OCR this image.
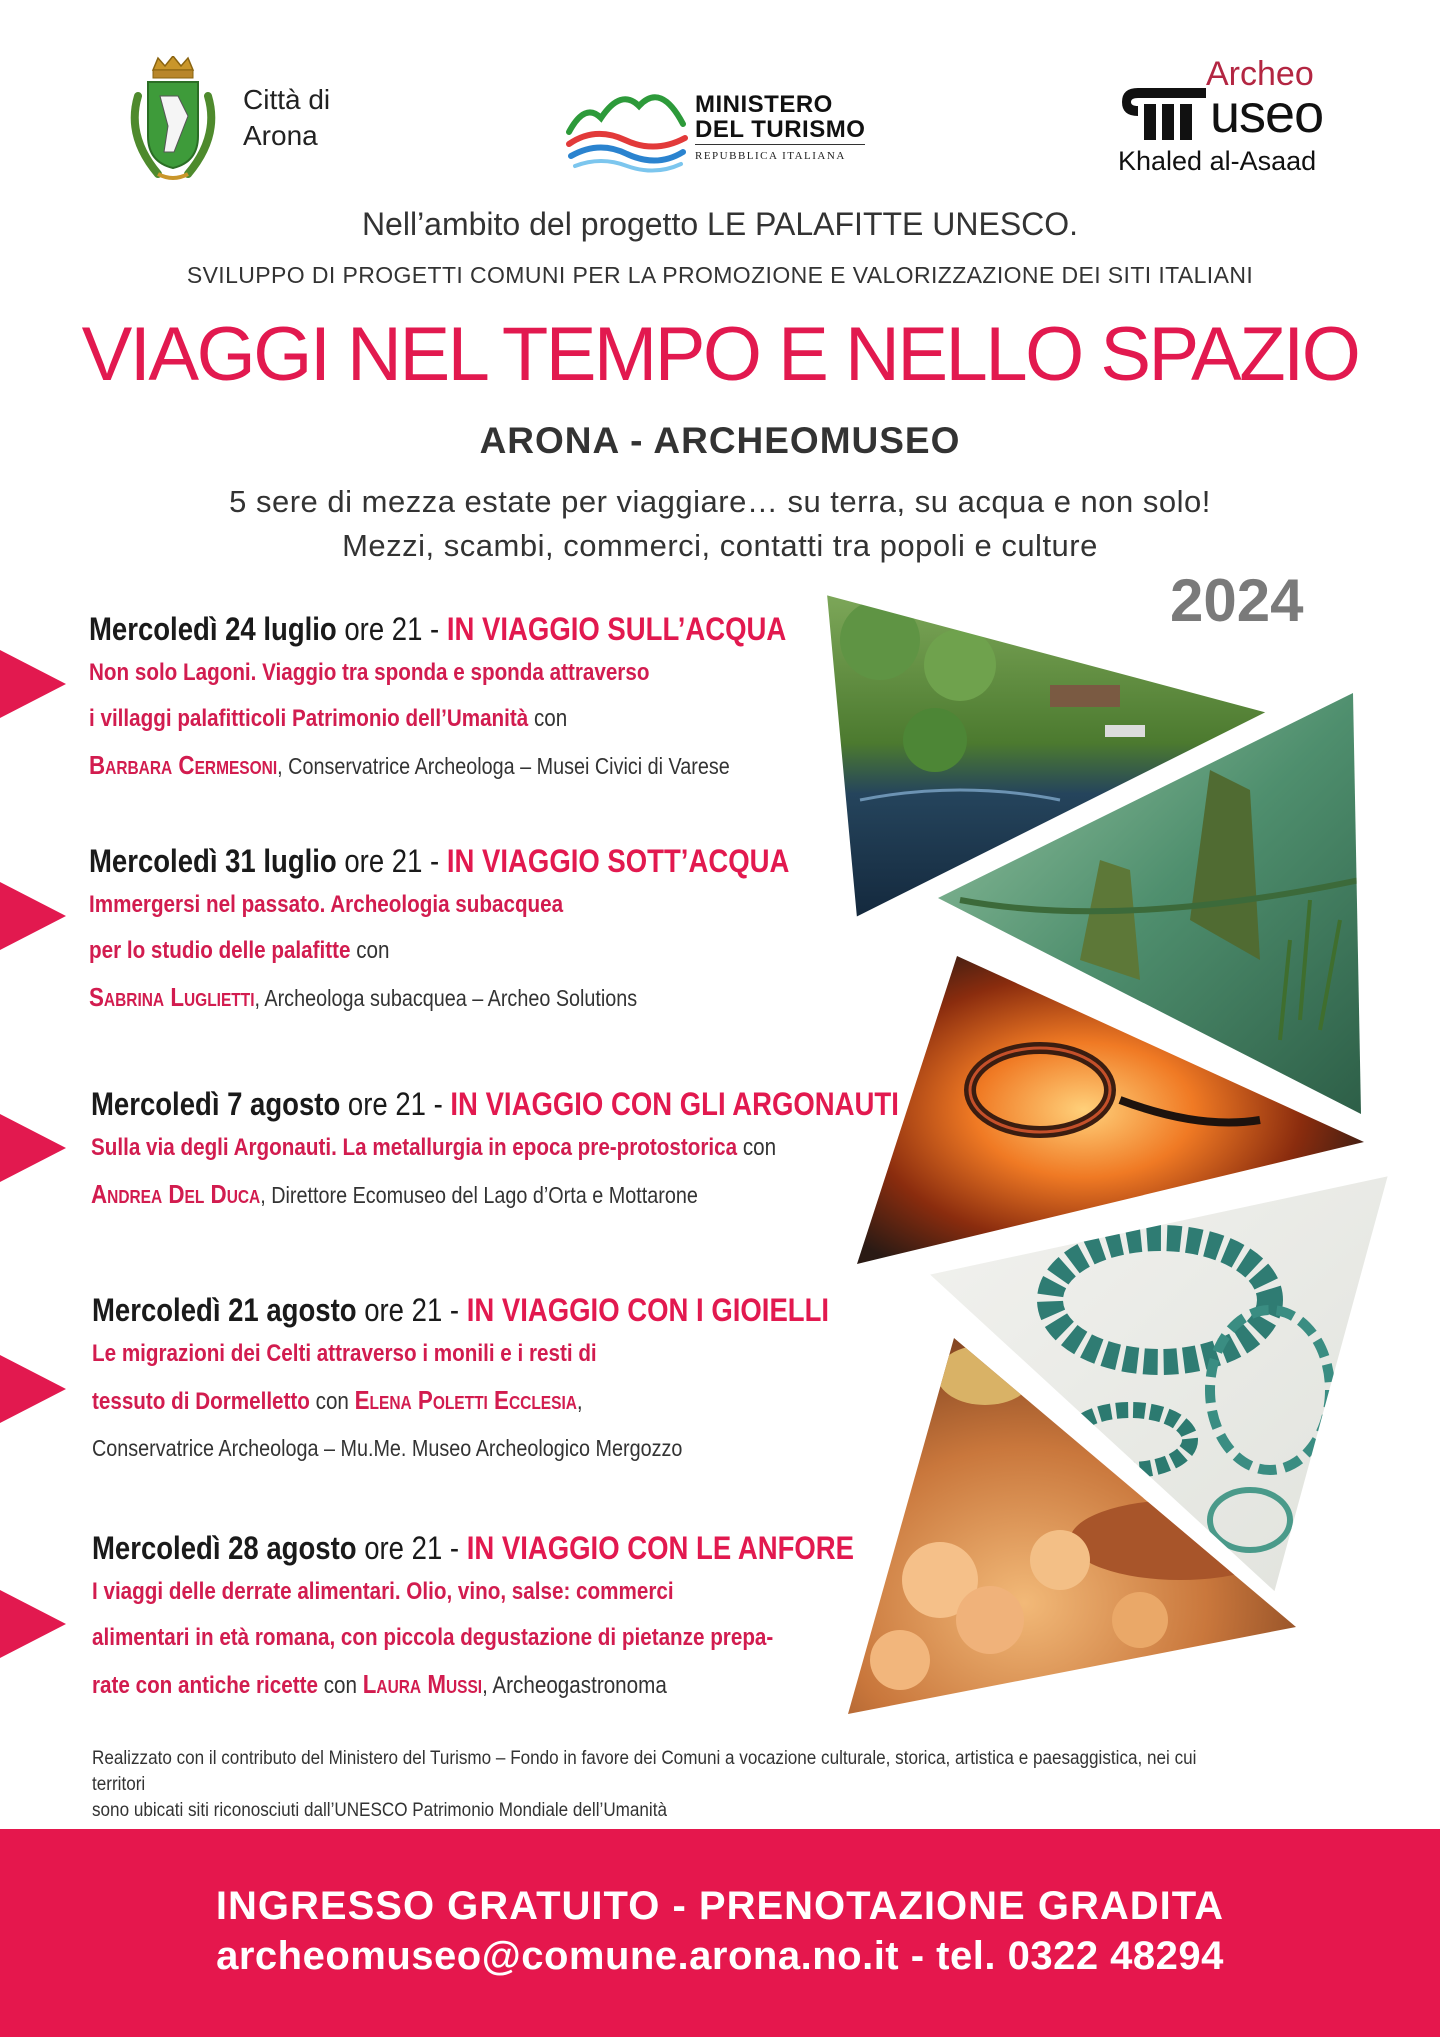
Città di
Arona
MINISTERO
DEL TURISMO
REPUBBLICA ITALIANA
Archeo
useo
Khaled al-Asaad
Nell’ambito del progetto LE PALAFITTE UNESCO.
SVILUPPO DI PROGETTI COMUNI PER LA PROMOZIONE E VALORIZZAZIONE DEI SITI ITALIANI
VIAGGI NEL TEMPO E NELLO SPAZIO
ARONA - ARCHEOMUSEO
5 sere di mezza estate per viaggiare… su terra, su acqua e non solo!
Mezzi, scambi, commerci, contatti tra popoli e culture
2024
Mercoledì 24 luglio ore 21 - IN VIAGGIO SULL’ACQUA
Non solo Lagoni. Viaggio tra sponda e sponda attraverso
i villaggi palafitticoli Patrimonio dell’Umanità con
Barbara Cermesoni, Conservatrice Archeologa – Musei Civici di Varese
Mercoledì 31 luglio ore 21 - IN VIAGGIO SOTT’ACQUA
Immergersi nel passato. Archeologia subacquea
per lo studio delle palafitte con
Sabrina Luglietti, Archeologa subacquea – Archeo Solutions
Mercoledì 7 agosto ore 21 - IN VIAGGIO CON GLI ARGONAUTI
Sulla via degli Argonauti. La metallurgia in epoca pre-protostorica con
Andrea Del Duca, Direttore Ecomuseo del Lago d’Orta e Mottarone
Mercoledì 21 agosto ore 21 - IN VIAGGIO CON I GIOIELLI
Le migrazioni dei Celti attraverso i monili e i resti di
tessuto di Dormelletto con Elena Poletti Ecclesia,
Conservatrice Archeologa – Mu.Me. Museo Archeologico Mergozzo
Mercoledì 28 agosto ore 21 - IN VIAGGIO CON LE ANFORE
I viaggi delle derrate alimentari. Olio, vino, salse: commerci
alimentari in età romana, con piccola degustazione di pietanze prepa-
rate con antiche ricette con Laura Mussi, Archeogastronoma
Realizzato con il contributo del Ministero del Turismo – Fondo in favore dei Comuni a vocazione culturale, storica, artistica e paesaggistica, nei cui territori
sono ubicati siti riconosciuti dall’UNESCO Patrimonio Mondiale dell’Umanità
INGRESSO GRATUITO - PRENOTAZIONE GRADITA
archeomuseo@comune.arona.no.it - tel. 0322 48294
